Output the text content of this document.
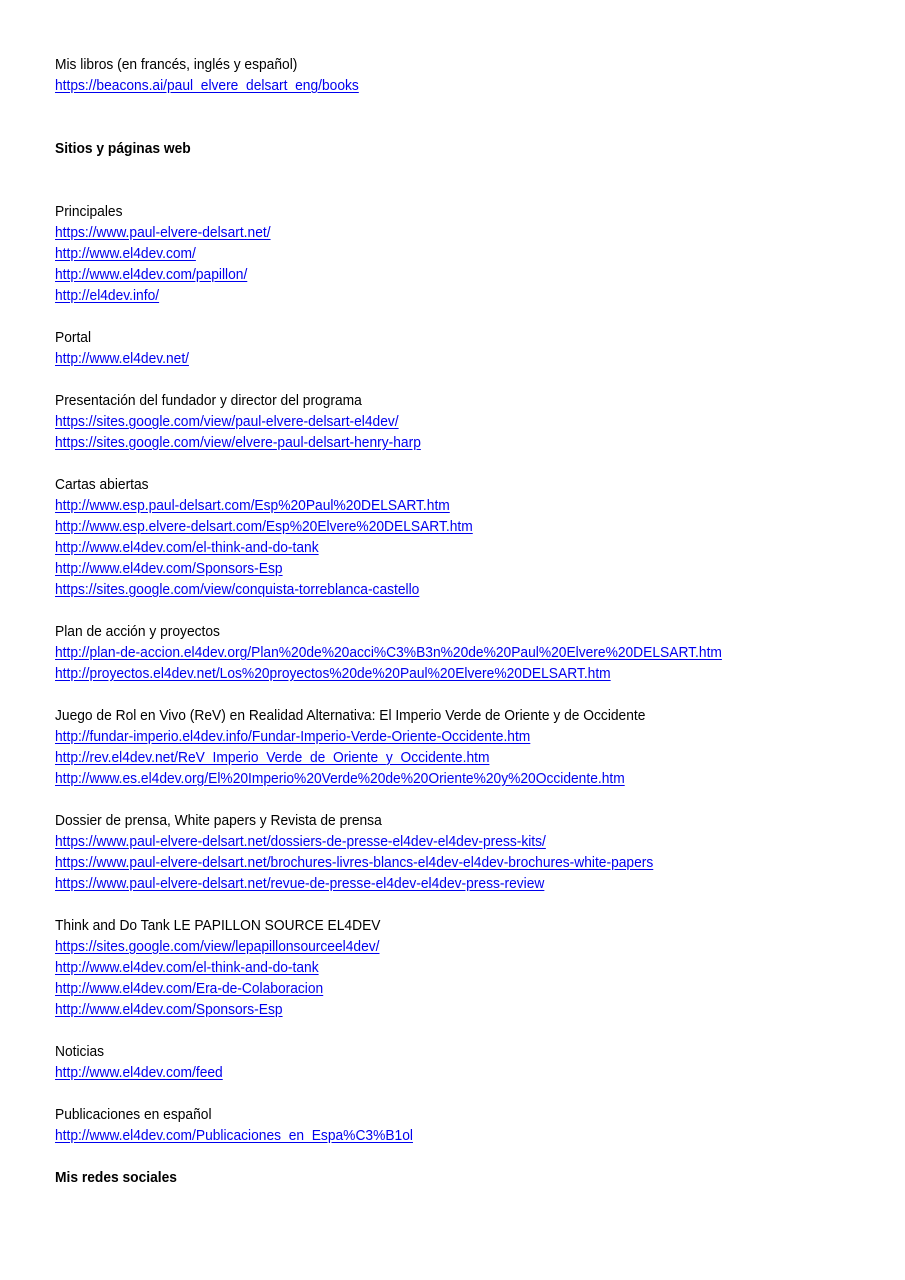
Mis libros (en francés, inglés y español)
https://beacons.ai/paul_elvere_delsart_eng/books
Sitios y páginas web
Principales
https://www.paul-elvere-delsart.net/
http://www.el4dev.com/
http://www.el4dev.com/papillon/
http://el4dev.info/
Portal
http://www.el4dev.net/
Presentación del fundador y director del programa
https://sites.google.com/view/paul-elvere-delsart-el4dev/
https://sites.google.com/view/elvere-paul-delsart-henry-harp
Cartas abiertas
http://www.esp.paul-delsart.com/Esp%20Paul%20DELSART.htm
http://www.esp.elvere-delsart.com/Esp%20Elvere%20DELSART.htm
http://www.el4dev.com/el-think-and-do-tank
http://www.el4dev.com/Sponsors-Esp
https://sites.google.com/view/conquista-torreblanca-castello
Plan de acción y proyectos
http://plan-de-accion.el4dev.org/Plan%20de%20acci%C3%B3n%20de%20Paul%20Elvere%20DELSART.htm
http://proyectos.el4dev.net/Los%20proyectos%20de%20Paul%20Elvere%20DELSART.htm
Juego de Rol en Vivo (ReV) en Realidad Alternativa: El Imperio Verde de Oriente y de Occidente
http://fundar-imperio.el4dev.info/Fundar-Imperio-Verde-Oriente-Occidente.htm
http://rev.el4dev.net/ReV_Imperio_Verde_de_Oriente_y_Occidente.htm
http://www.es.el4dev.org/El%20Imperio%20Verde%20de%20Oriente%20y%20Occidente.htm
Dossier de prensa, White papers y Revista de prensa
https://www.paul-elvere-delsart.net/dossiers-de-presse-el4dev-el4dev-press-kits/
https://www.paul-elvere-delsart.net/brochures-livres-blancs-el4dev-el4dev-brochures-white-papers
https://www.paul-elvere-delsart.net/revue-de-presse-el4dev-el4dev-press-review
Think and Do Tank LE PAPILLON SOURCE EL4DEV
https://sites.google.com/view/lepapillonsourceel4dev/
http://www.el4dev.com/el-think-and-do-tank
http://www.el4dev.com/Era-de-Colaboracion
http://www.el4dev.com/Sponsors-Esp
Noticias
http://www.el4dev.com/feed
Publicaciones en español
http://www.el4dev.com/Publicaciones_en_Espa%C3%B1ol
Mis redes sociales
